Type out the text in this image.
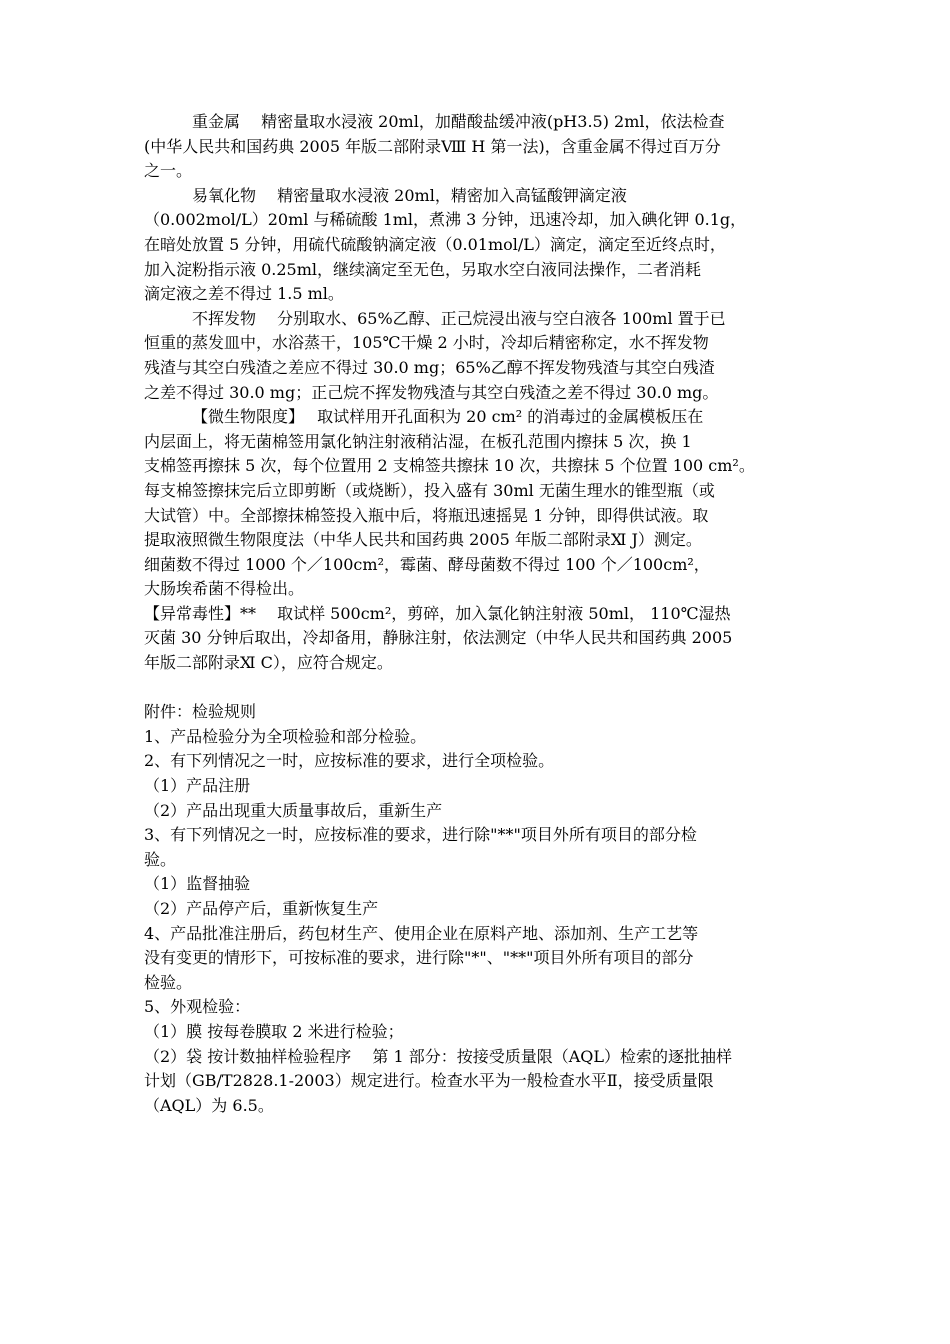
重金属　 精密量取水浸液 20ml，加醋酸盐缓冲液(pH3.5) 2ml，依法检查
(中华人民共和国药典 2005 年版二部附录Ⅷ H 第一法)，含重金属不得过百万分
之一。
易氧化物　 精密量取水浸液 20ml，精密加入高锰酸钾滴定液
（0.002mol/L）20ml 与稀硫酸 1ml，煮沸 3 分钟，迅速冷却，加入碘化钾 0.1g，
在暗处放置 5 分钟，用硫代硫酸钠滴定液（0.01mol/L）滴定，滴定至近终点时，
加入淀粉指示液 0.25ml，继续滴定至无色，另取水空白液同法操作，二者消耗
滴定液之差不得过 1.5 ml。
不挥发物　 分别取水、65%乙醇、正己烷浸出液与空白液各 100ml 置于已
恒重的蒸发皿中，水浴蒸干，105℃干燥 2 小时，冷却后精密称定，水不挥发物
残渣与其空白残渣之差应不得过 30.0 mg；65%乙醇不挥发物残渣与其空白残渣
之差不得过 30.0 mg；正己烷不挥发物残渣与其空白残渣之差不得过 30.0 mg。
【微生物限度】　 取试样用开孔面积为 20 cm² 的消毒过的金属模板压在
内层面上，将无菌棉签用氯化钠注射液稍沾湿，在板孔范围内擦抹 5 次，换 1
支棉签再擦抹 5 次，每个位置用 2 支棉签共擦抹 10 次，共擦抹 5 个位置 100 cm²。
每支棉签擦抹完后立即剪断（或烧断），投入盛有 30ml 无菌生理水的锥型瓶（或
大试管）中。全部擦抹棉签投入瓶中后，将瓶迅速摇晃 1 分钟，即得供试液。取
提取液照微生物限度法（中华人民共和国药典 2005 年版二部附录Ⅺ J）测定。
细菌数不得过 1000 个／100cm²，霉菌、酵母菌数不得过 100 个／100cm²，
大肠埃希菌不得检出。
【异常毒性】**　 取试样 500cm²，剪碎，加入氯化钠注射液 50ml， 110℃湿热
灭菌 30 分钟后取出，冷却备用，静脉注射，依法测定（中华人民共和国药典 2005
年版二部附录Ⅺ C），应符合规定。
附件：检验规则
1、产品检验分为全项检验和部分检验。
2、有下列情况之一时，应按标准的要求，进行全项检验。
（1）产品注册
（2）产品出现重大质量事故后，重新生产
3、有下列情况之一时，应按标准的要求，进行除"**"项目外所有项目的部分检
验。
（1）监督抽验
（2）产品停产后，重新恢复生产
4、产品批准注册后，药包材生产、使用企业在原料产地、添加剂、生产工艺等
没有变更的情形下，可按标准的要求，进行除"*"、"**"项目外所有项目的部分
检验。
5、外观检验：
（1）膜 按每卷膜取 2 米进行检验；
（2）袋 按计数抽样检验程序　 第 1 部分：按接受质量限（AQL）检索的逐批抽样
计划（GB/T2828.1-2003）规定进行。检查水平为一般检查水平Ⅱ，接受质量限
（AQL）为 6.5。
